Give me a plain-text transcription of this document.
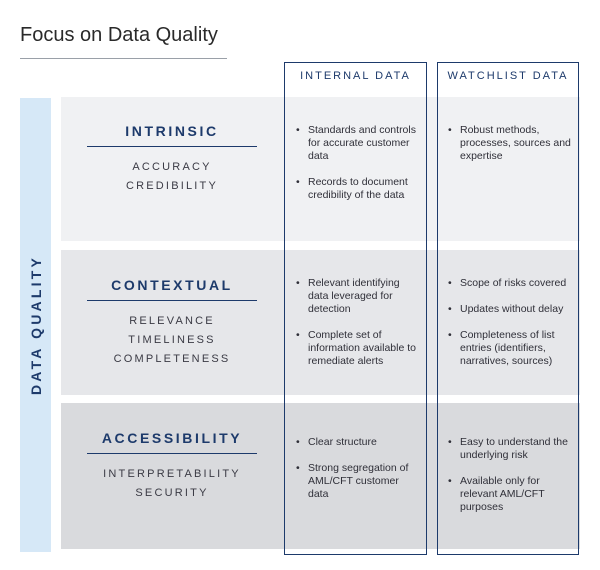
Focus on Data Quality
DATA QUALITY
INTERNAL DATA	WATCHLIST DATA
INTRINSIC
ACCURACY
CREDIBILITY
• Standards and controls for accurate customer data
• Records to document credibility of the data
• Robust methods, processes, sources and expertise
CONTEXTUAL
RELEVANCE
TIMELINESS
COMPLETENESS
• Relevant identifying data leveraged for detection
• Complete set of information available to remediate alerts
• Scope of risks covered
• Updates without delay
• Completeness of list entries (identifiers, narratives, sources)
ACCESSIBILITY
INTERPRETABILITY
SECURITY
• Clear structure
• Strong segregation of AML/CFT customer data
• Easy to understand the underlying risk
• Available only for relevant AML/CFT purposes
